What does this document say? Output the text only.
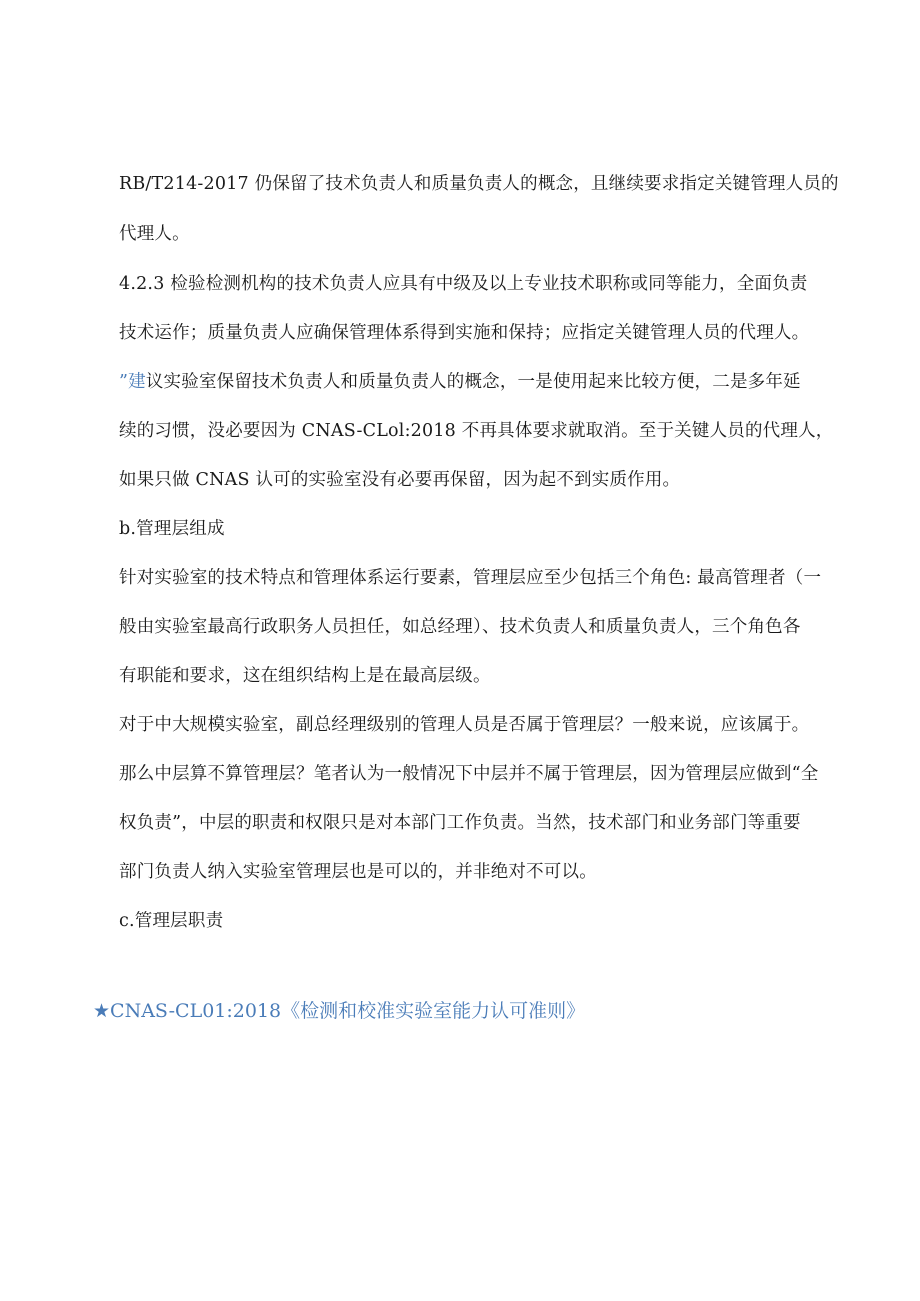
RB/T214-2017 仍保留了技术负责人和质量负责人的概念，且继续要求指定关键管理人员的
代理人。
4.2.3 检验检测机构的技术负责人应具有中级及以上专业技术职称或同等能力，全面负责
技术运作；质量负责人应确保管理体系得到实施和保持；应指定关键管理人员的代理人。
”建议实验室保留技术负责人和质量负责人的概念，一是使用起来比较方便，二是多年延
续的习惯，没必要因为 CNAS-CLol:2018 不再具体要求就取消。至于关键人员的代理人，
如果只做 CNAS 认可的实验室没有必要再保留，因为起不到实质作用。
b.管理层组成
针对实验室的技术特点和管理体系运行要素，管理层应至少包括三个角色: 最高管理者（一
般由实验室最高行政职务人员担任，如总经理）、技术负责人和质量负责人，三个角色各
有职能和要求，这在组织结构上是在最高层级。
对于中大规模实验室，副总经理级别的管理人员是否属于管理层？一般来说，应该属于。
那么中层算不算管理层？笔者认为一般情况下中层并不属于管理层，因为管理层应做到“全
权负责”，中层的职责和权限只是对本部门工作负责。当然，技术部门和业务部门等重要
部门负责人纳入实验室管理层也是可以的，并非绝对不可以。
c.管理层职责
★CNAS-CL01:2018《检测和校准实验室能力认可准则》
